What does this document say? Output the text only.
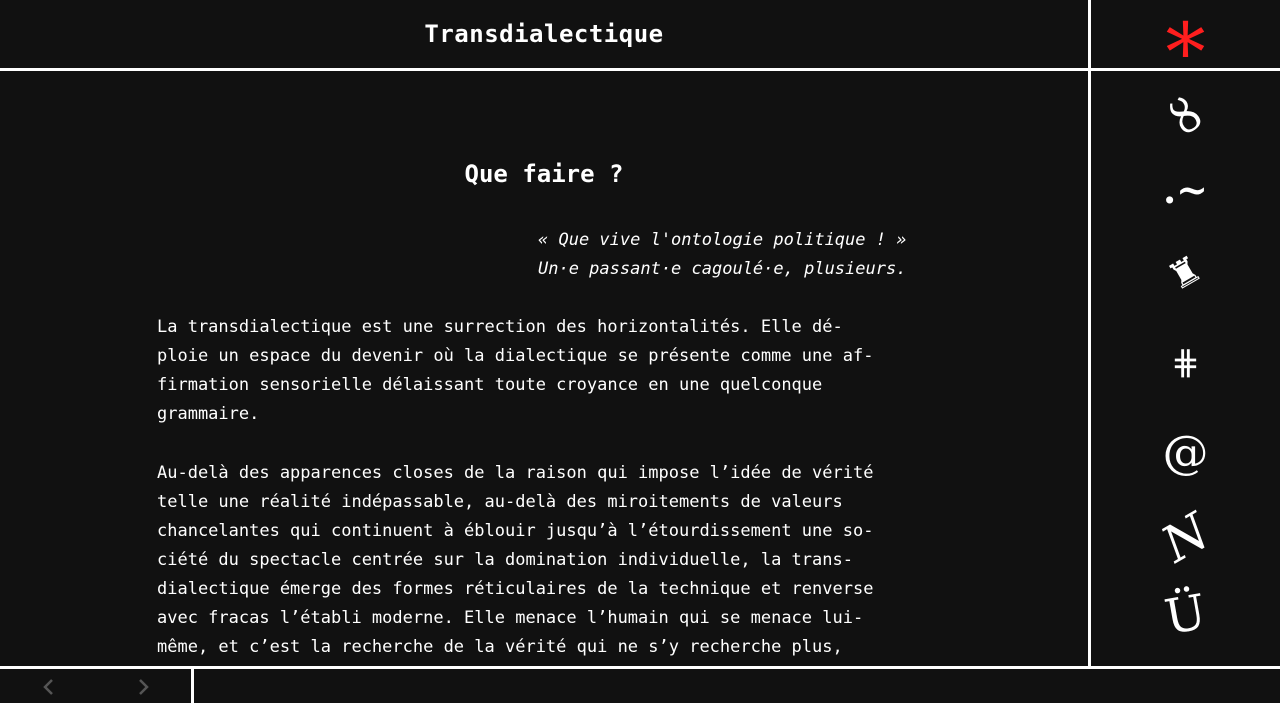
Transdialectique	*
ȣ
.~
♜
⋕
@
N
Ü
Que faire ?
« Que vive l'ontologie politique ! »
Un·e passant·e cagoulé·e, plusieurs.
La transdialectique est une surrection des horizontalités. Elle dé-
ploie un espace du devenir où la dialectique se présente comme une af-
firmation sensorielle délaissant toute croyance en une quelconque
grammaire.
Au-delà des apparences closes de la raison qui impose l’idée de vérité
telle une réalité indépassable, au-delà des miroitements de valeurs
chancelantes qui continuent à éblouir jusqu’à l’étourdissement une so-
ciété du spectacle centrée sur la domination individuelle, la trans-
dialectique émerge des formes réticulaires de la technique et renverse
avec fracas l’établi moderne. Elle menace l’humain qui se menace lui-
même, et c’est la recherche de la vérité qui ne s’y recherche plus,
